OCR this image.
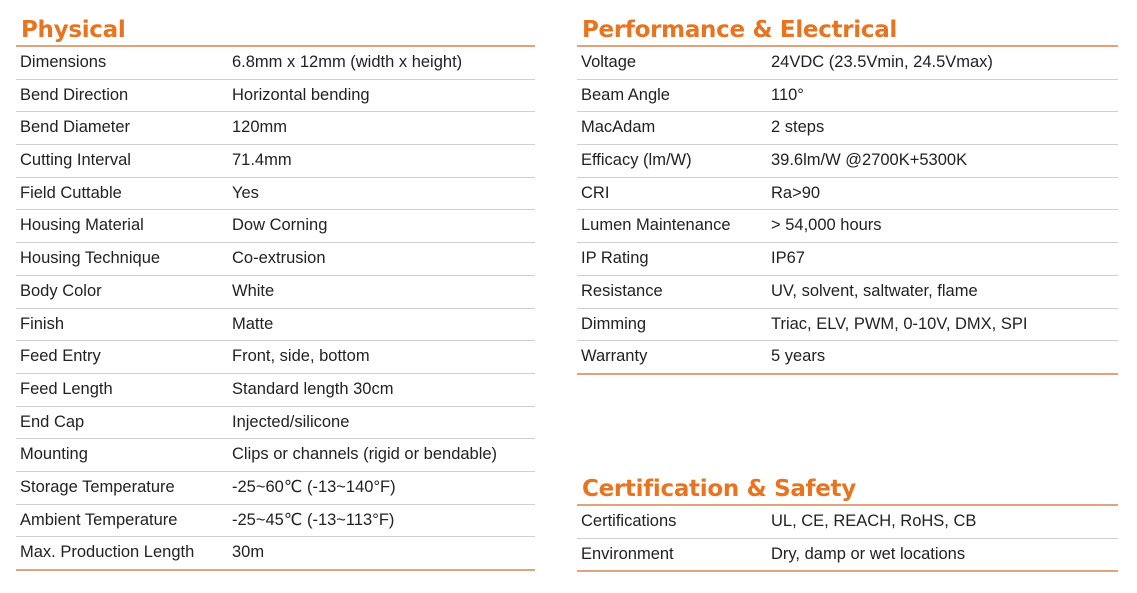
Physical
Dimensions	6.8mm x 12mm (width x height)
Bend Direction	Horizontal bending
Bend Diameter	120mm
Cutting Interval	71.4mm
Field Cuttable	Yes
Housing Material	Dow Corning
Housing Technique	Co-extrusion
Body Color	White
Finish	Matte
Feed Entry	Front, side, bottom
Feed Length	Standard length 30cm
End Cap	Injected/silicone
Mounting	Clips or channels (rigid or bendable)
Storage Temperature	-25~60℃ (-13~140°F)
Ambient Temperature	-25~45℃ (-13~113°F)
Max. Production Length	30m
Performance & Electrical
Voltage	24VDC (23.5Vmin, 24.5Vmax)
Beam Angle	110°
MacAdam	2 steps
Efficacy (lm/W)	39.6lm/W @2700K+5300K
CRI	Ra>90
Lumen Maintenance	> 54,000 hours
IP Rating	IP67
Resistance	UV, solvent, saltwater, flame
Dimming	Triac, ELV, PWM, 0-10V, DMX, SPI
Warranty	5 years
Certification & Safety
Certifications	UL, CE, REACH, RoHS, CB
Environment	Dry, damp or wet locations
